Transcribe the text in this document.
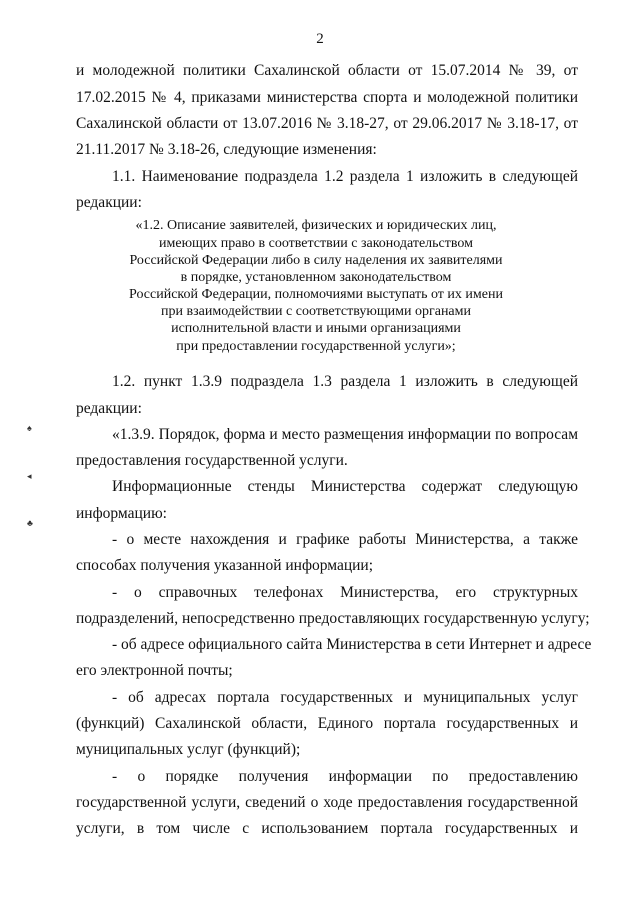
2
и молодежной политики Сахалинской области от 15.07.2014 № 39, от
17.02.2015 № 4, приказами министерства спорта и молодежной политики
Сахалинской области от 13.07.2016 № 3.18-27, от 29.06.2017 № 3.18-17, от
21.11.2017 № 3.18-26, следующие изменения:
1.1. Наименование подраздела 1.2 раздела 1 изложить в следующей
редакции:
«1.2. Описание заявителей, физических и юридических лиц,
имеющих право в соответствии с законодательством
Российской Федерации либо в силу наделения их заявителями
в порядке, установленном законодательством
Российской Федерации, полномочиями выступать от их имени
при взаимодействии с соответствующими органами
исполнительной власти и иными организациями
при предоставлении государственной услуги»;
1.2. пункт 1.3.9 подраздела 1.3 раздела 1 изложить в следующей
редакции:
«1.3.9. Порядок, форма и место размещения информации по вопросам
предоставления государственной услуги.
Информационные стенды Министерства содержат следующую
информацию:
- о месте нахождения и графике работы Министерства, а также
способах получения указанной информации;
- о справочных телефонах Министерства, его структурных
подразделений, непосредственно предоставляющих государственную услугу;
- об адресе официального сайта Министерства в сети Интернет и адресе
его электронной почты;
- об адресах портала государственных и муниципальных услуг
(функций) Сахалинской области, Единого портала государственных и
муниципальных услуг (функций);
- о порядке получения информации по предоставлению
государственной услуги, сведений о ходе предоставления государственной
услуги, в том числе с использованием портала государственных и
♠
◂
♣
